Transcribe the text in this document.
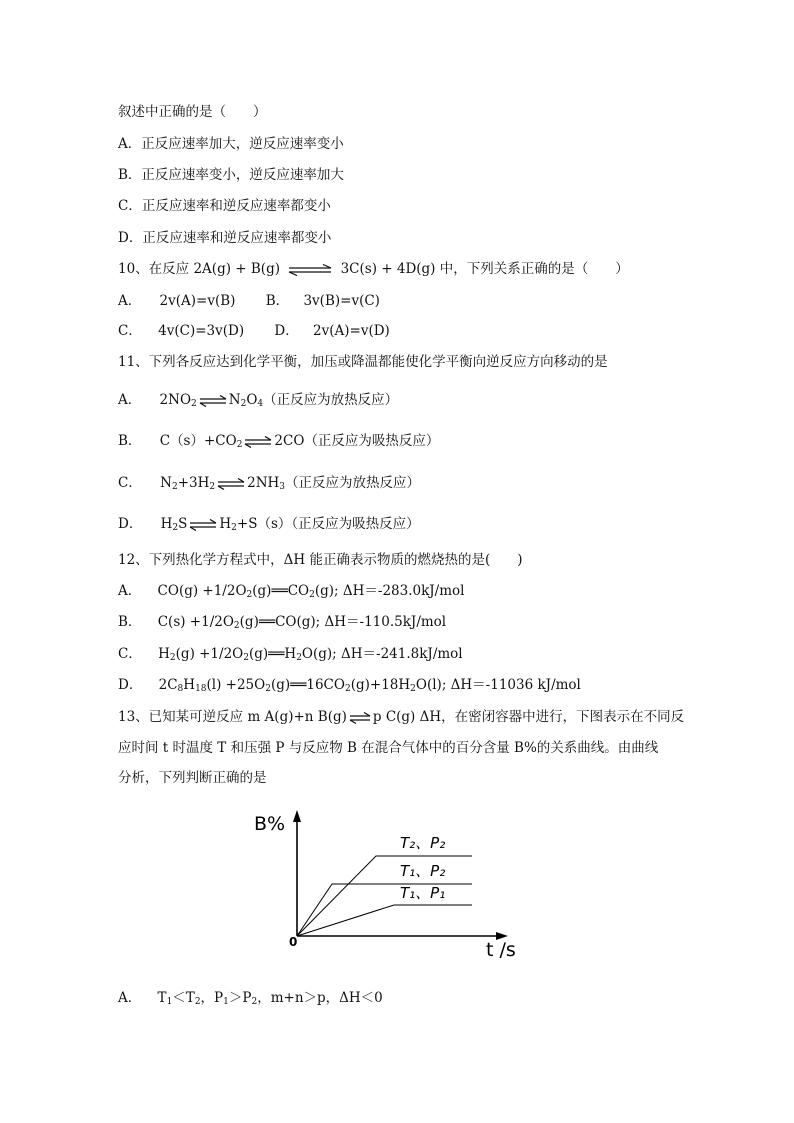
叙述中正确的是（　　）
A．正反应速率加大，逆反应速率变小
B．正反应速率变小，逆反应速率加大
C．正反应速率和逆反应速率都变小
D．正反应速率和逆反应速率都变小
10、在反应 2A(g) + B(g) ⇌ 3C(s) + 4D(g) 中，下列关系正确的是（　　）
A． 2v(A)=v(B) B． 3v(B)=v(C)
C． 4v(C)=3v(D) D． 2v(A)=v(D)
11、下列各反应达到化学平衡，加压或降温都能使化学平衡向逆反应方向移动的是
A． $2NO_2\rightleftharpoons N_2O_4$（正反应为放热反应）
B． $C(s)+CO_2\rightleftharpoons 2CO$（正反应为吸热反应）
C． $N_2+3H_2\rightleftharpoons 2NH_3$（正反应为放热反应）
D． $H_2S\rightleftharpoons H_2+S(s)$（正反应为吸热反应）
12、下列热化学方程式中，ΔH 能正确表示物质的燃烧热的是(　　)
A． $CO(g) +1/2O_2(g)══CO_2(g)$; ΔH＝-283.0kJ/mol
B． $C(s) +1/2O_2(g)══CO(g)$; ΔH＝-110.5kJ/mol
C． $H_2(g)$ $+1/2O_2(g)══H_2O(g)$; ΔH＝-241.8kJ/mol
D． $2C_8H_{18}(l)$ $+25O_2(g)══16CO_2(g)+18H_2O(l)$; ΔH＝-11036 kJ/mol
13、已知某可逆反应 m A(g)+n B(g)⇌p C(g) ΔH，在密闭容器中进行，下图表示在不同反
应时间 t 时温度 T 和压强 P 与反应物 B 在混合气体中的百分含量 B%的关系曲线。由曲线
分析，下列判断正确的是
B%
t /s
0
T₂、P₂
T₁、P₂
T₁、P₁
A． $T_1<T_2$，$P_1>P_2$，m+n＞p，ΔH＜0
